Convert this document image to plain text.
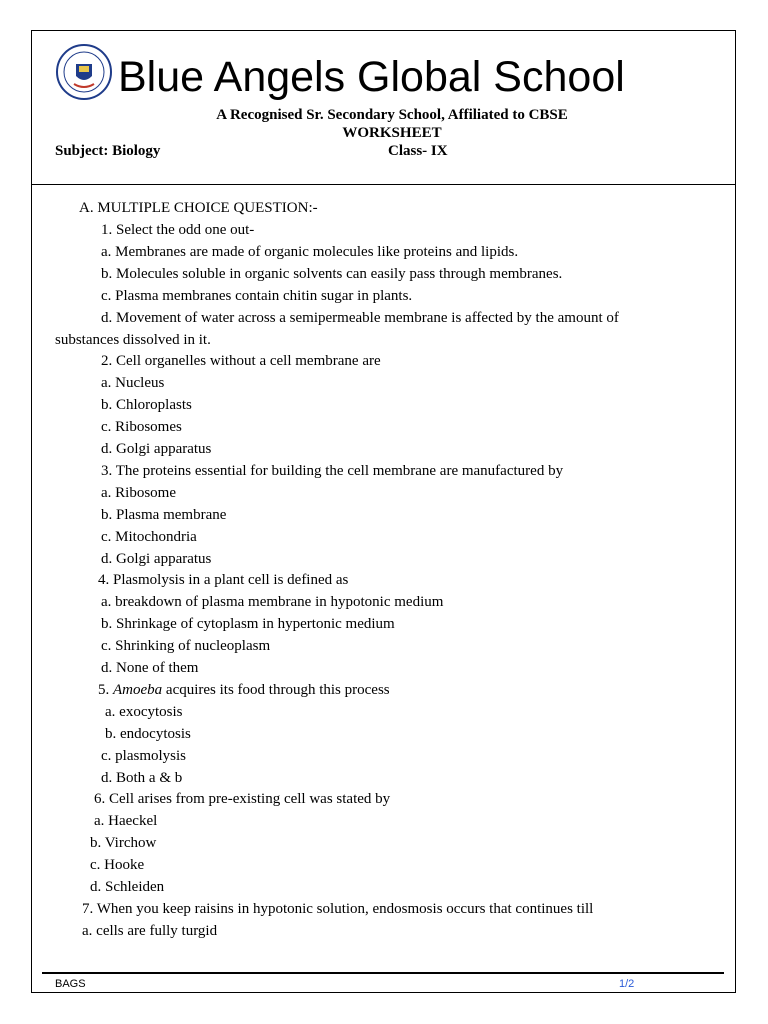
Blue Angels Global School
A Recognised Sr. Secondary School, Affiliated to CBSE
WORKSHEET
Subject: Biology	Class- IX
A. MULTIPLE CHOICE QUESTION:-
1. Select the odd one out-
a. Membranes are made of organic molecules like proteins and lipids.
b. Molecules soluble in organic solvents can easily pass through membranes.
c. Plasma membranes contain chitin sugar in plants.
d. Movement of water across a semipermeable membrane is affected by the amount of
substances dissolved in it.
2. Cell organelles without a cell membrane are
a. Nucleus
b. Chloroplasts
c. Ribosomes
d. Golgi apparatus
3. The proteins essential for building the cell membrane are manufactured by
a. Ribosome
b. Plasma membrane
c. Mitochondria
d. Golgi apparatus
4. Plasmolysis in a plant cell is defined as
a. breakdown of plasma membrane in hypotonic medium
b. Shrinkage of cytoplasm in hypertonic medium
c. Shrinking of nucleoplasm
d. None of them
5. Amoeba acquires its food through this process
a. exocytosis
b. endocytosis
c. plasmolysis
d. Both a & b
6. Cell arises from pre-existing cell was stated by
a. Haeckel
b. Virchow
c. Hooke
d. Schleiden
7. When you keep raisins in hypotonic solution, endosmosis occurs that continues till
a. cells are fully turgid
BAGS	1/2
